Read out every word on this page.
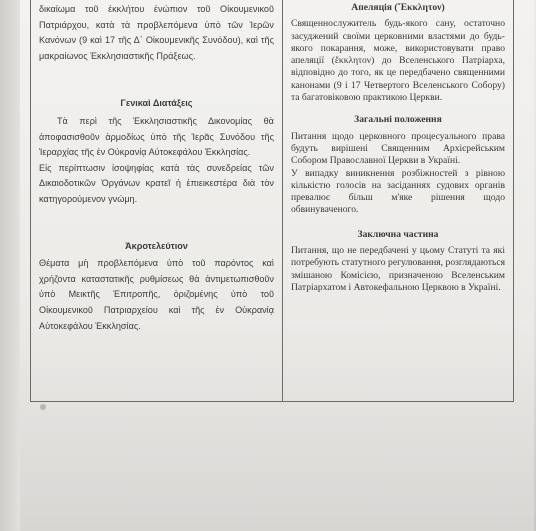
δικαίωμα τοῦ ἐκκλήτου ἐνώπιον τοῦ Οἰκουμενικοῦ Πατριάρχου, κατὰ τὰ προβλεπόμενα ὑπὸ τῶν Ἱερῶν Κανόνων (9 καὶ 17 τῆς Δ΄ Οἰκουμενικῆς Συνόδου), καὶ τῆς μακραίωνος Ἐκκλησιαστικῆς Πράξεως.

Γενικαὶ Διατάξεις

Τὰ περὶ τῆς Ἐκκλησιαστικῆς Δικονομίας θὰ ἀποφασισθοῦν ἁρμοδίως ὑπὸ τῆς Ἱερᾶς Συνόδου τῆς Ἱεραρχίας τῆς ἐν Οὐκρανίᾳ Αὐτοκεφάλου Ἐκκλησίας.

Εἰς περίπτωσιν ἰσοψηφίας κατὰ τὰς συνεδρείας τῶν Δικαιοδοτικῶν Ὀργάνων κρατεῖ ἡ ἐπιεικεστέρα διὰ τὸν κατηγορούμενον γνώμη.

Ἀκροτελεύτιον

Θέματα μὴ προβλεπόμενα ὑπὸ τοῦ παρόντος καὶ χρήζοντα καταστατικῆς ρυθμίσεως θὰ ἀντιμετωπισθοῦν ὑπὸ Μεικτῆς Ἐπιτροπῆς, ὁριζομένης ὑπὸ τοῦ Οἰκουμενικοῦ Πατριαρχείου καὶ τῆς ἐν Οὐκρανίᾳ Αὐτοκεφάλου Ἐκκλησίας.

Апеляція (῎Εκκλητον)

Священнослужитель будь-якого сану, остаточно засуджений своїми церковними властями до будь-якого покарання, може, використовувати право апеляції (ἔκκλητον) до Вселенського Патріарха, відповідно до того, як це передбачено священними канонами (9 і 17 Четвертого Вселенського Собору) та багатовіковою практикою Церкви.

Загальні положення

Питання щодо церковного процесуального права будуть вирішені Священним Архієрейським Собором Православної Церкви в Україні.

У випадку виникнення розбіжностей з рівною кількістю голосів на засіданнях судових органів превалює більш м'яке рішення щодо обвинуваченого.

Заключна частина

Питання, що не передбачені у цьому Статуті та які потребують статутного регулювання, розглядаються змішаною Комісією, призначеною Вселенським Патріархатом і Автокефальною Церквою в Україні.
